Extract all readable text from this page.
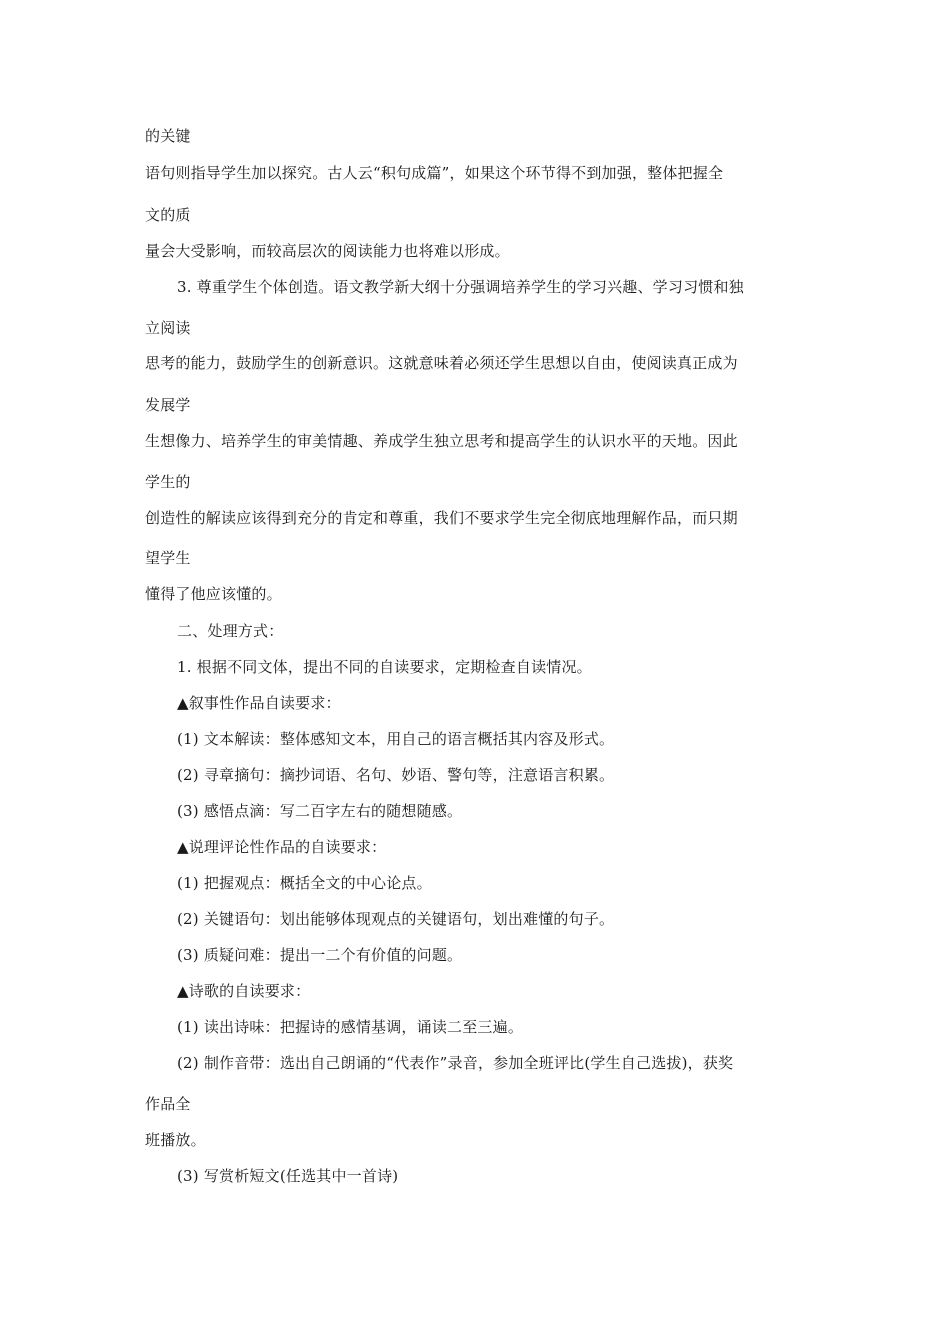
的关键
语句则指导学生加以探究。古人云“积句成篇”，如果这个环节得不到加强，整体把握全
文的质
量会大受影响，而较高层次的阅读能力也将难以形成。
3. 尊重学生个体创造。语文教学新大纲十分强调培养学生的学习兴趣、学习习惯和独
立阅读
思考的能力，鼓励学生的创新意识。这就意味着必须还学生思想以自由，使阅读真正成为
发展学
生想像力、培养学生的审美情趣、养成学生独立思考和提高学生的认识水平的天地。因此
学生的
创造性的解读应该得到充分的肯定和尊重，我们不要求学生完全彻底地理解作品，而只期
望学生
懂得了他应该懂的。
二、处理方式：
1. 根据不同文体，提出不同的自读要求，定期检查自读情况。
▲叙事性作品自读要求：
(1) 文本解读：整体感知文本，用自己的语言概括其内容及形式。
(2) 寻章摘句：摘抄词语、名句、妙语、警句等，注意语言积累。
(3) 感悟点滴：写二百字左右的随想随感。
▲说理评论性作品的自读要求：
(1) 把握观点：概括全文的中心论点。
(2) 关键语句：划出能够体现观点的关键语句，划出难懂的句子。
(3) 质疑问难：提出一二个有价值的问题。
▲诗歌的自读要求：
(1) 读出诗味：把握诗的感情基调，诵读二至三遍。
(2) 制作音带：选出自己朗诵的“代表作”录音，参加全班评比(学生自己选拔)，获奖
作品全
班播放。
(3) 写赏析短文(任选其中一首诗)
